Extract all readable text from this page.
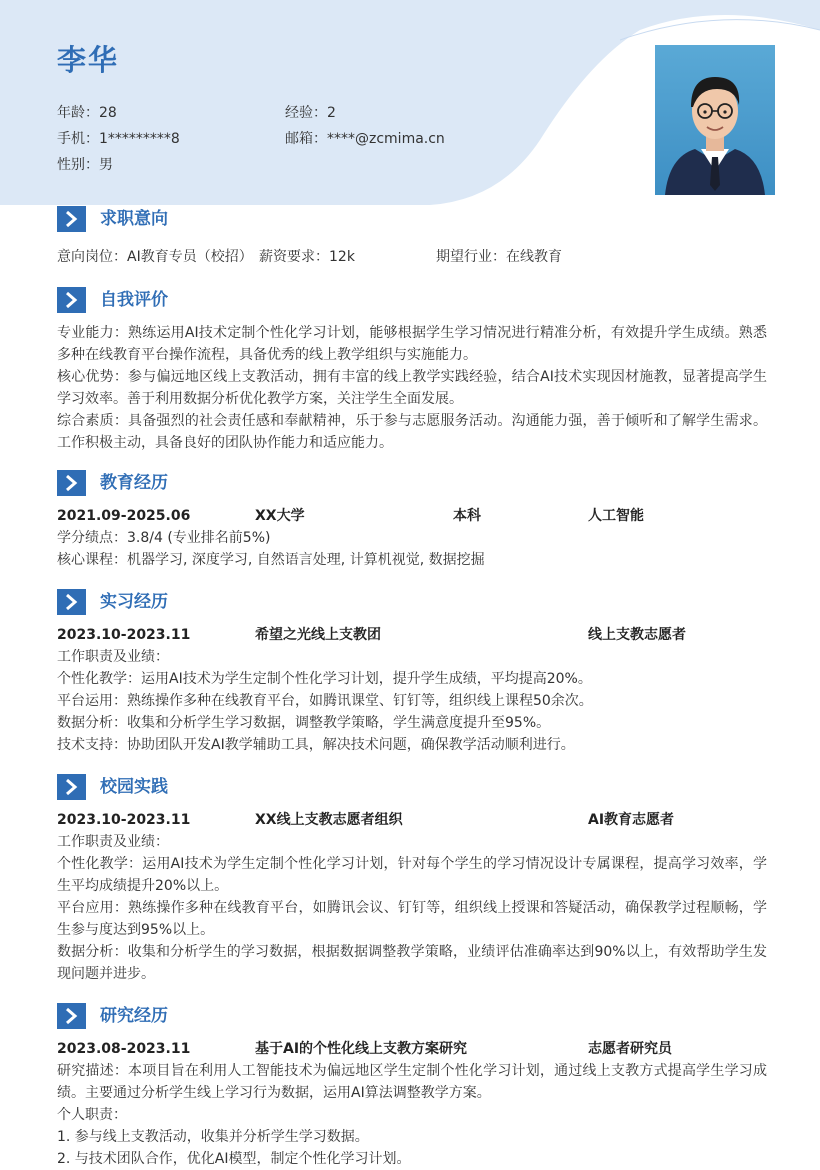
李华
年龄：28	经验：2
手机：1*********8	邮箱：****@zcmima.cn
性别：男
求职意向
意向岗位：AI教育专员（校招） 薪资要求：12k	期望行业：在线教育
自我评价

专业能力：熟练运用AI技术定制个性化学习计划，能够根据学生学习情况进行精准分析，有效提升学生成绩。熟悉多种在线教育平台操作流程，具备优秀的线上教学组织与实施能力。

核心优势：参与偏远地区线上支教活动，拥有丰富的线上教学实践经验，结合AI技术实现因材施教，显著提高学生学习效率。善于利用数据分析优化教学方案，关注学生全面发展。

综合素质：具备强烈的社会责任感和奉献精神，乐于参与志愿服务活动。沟通能力强，善于倾听和了解学生需求。工作积极主动，具备良好的团队协作能力和适应能力。

教育经历
2021.09-2025.06	XX大学	本科	人工智能

学分绩点：3.8/4 (专业排名前5%)

核心课程：机器学习, 深度学习, 自然语言处理, 计算机视觉, 数据挖掘

实习经历
2023.10-2023.11	希望之光线上支教团	线上支教志愿者

工作职责及业绩：

个性化教学：运用AI技术为学生定制个性化学习计划，提升学生成绩，平均提高20%。

平台运用：熟练操作多种在线教育平台，如腾讯课堂、钉钉等，组织线上课程50余次。

数据分析：收集和分析学生学习数据，调整教学策略，学生满意度提升至95%。

技术支持：协助团队开发AI教学辅助工具，解决技术问题，确保教学活动顺利进行。

校园实践
2023.10-2023.11	XX线上支教志愿者组织	AI教育志愿者

工作职责及业绩：

个性化教学：运用AI技术为学生定制个性化学习计划，针对每个学生的学习情况设计专属课程，提高学习效率，学生平均成绩提升20%以上。

平台应用：熟练操作多种在线教育平台，如腾讯会议、钉钉等，组织线上授课和答疑活动，确保教学过程顺畅，学生参与度达到95%以上。

数据分析：收集和分析学生的学习数据，根据数据调整教学策略，业绩评估准确率达到90%以上，有效帮助学生发现问题并进步。

研究经历
2023.08-2023.11	基于AI的个性化线上支教方案研究	志愿者研究员

研究描述：本项目旨在利用人工智能技术为偏远地区学生定制个性化学习计划，通过线上支教方式提高学生学习成绩。主要通过分析学生线上学习行为数据，运用AI算法调整教学方案。

个人职责：

1. 参与线上支教活动，收集并分析学生学习数据。

2. 与技术团队合作，优化AI模型，制定个性化学习计划。
